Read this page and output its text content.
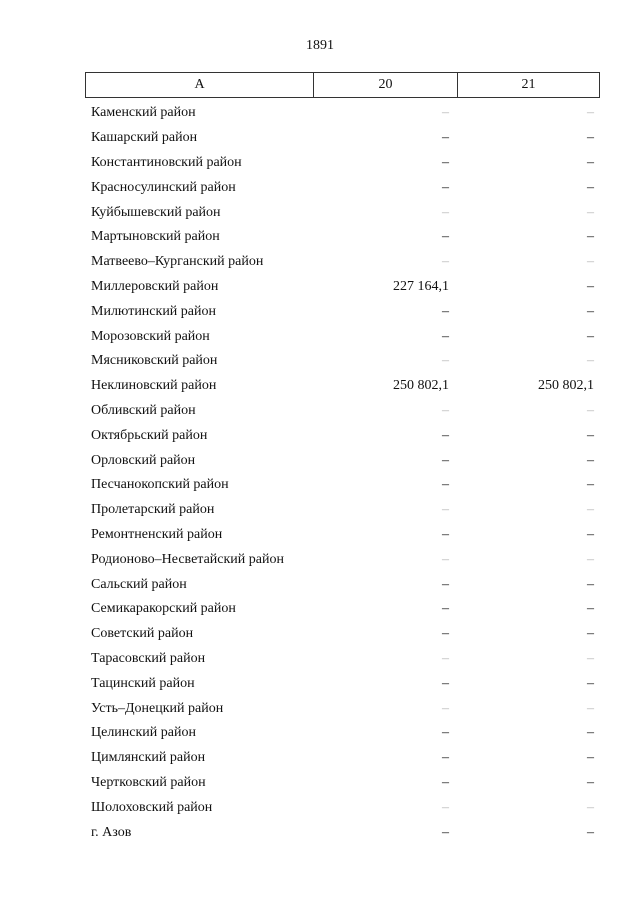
1891
А	20	21
Каменский район	–	–
Кашарский район	–	–
Константиновский район	–	–
Красносулинский район	–	–
Куйбышевский район	–	–
Мартыновский район	–	–
Матвеево–Курганский район	–	–
Миллеровский район	227 164,1	–
Милютинский район	–	–
Морозовский район	–	–
Мясниковский район	–	–
Неклиновский район	250 802,1	250 802,1
Обливский район	–	–
Октябрьский район	–	–
Орловский район	–	–
Песчанокопский район	–	–
Пролетарский район	–	–
Ремонтненский район	–	–
Родионово–Несветайский район	–	–
Сальский район	–	–
Семикаракорский район	–	–
Советский район	–	–
Тарасовский район	–	–
Тацинский район	–	–
Усть–Донецкий район	–	–
Целинский район	–	–
Цимлянский район	–	–
Чертковский район	–	–
Шолоховский район	–	–
г. Азов	–	–
